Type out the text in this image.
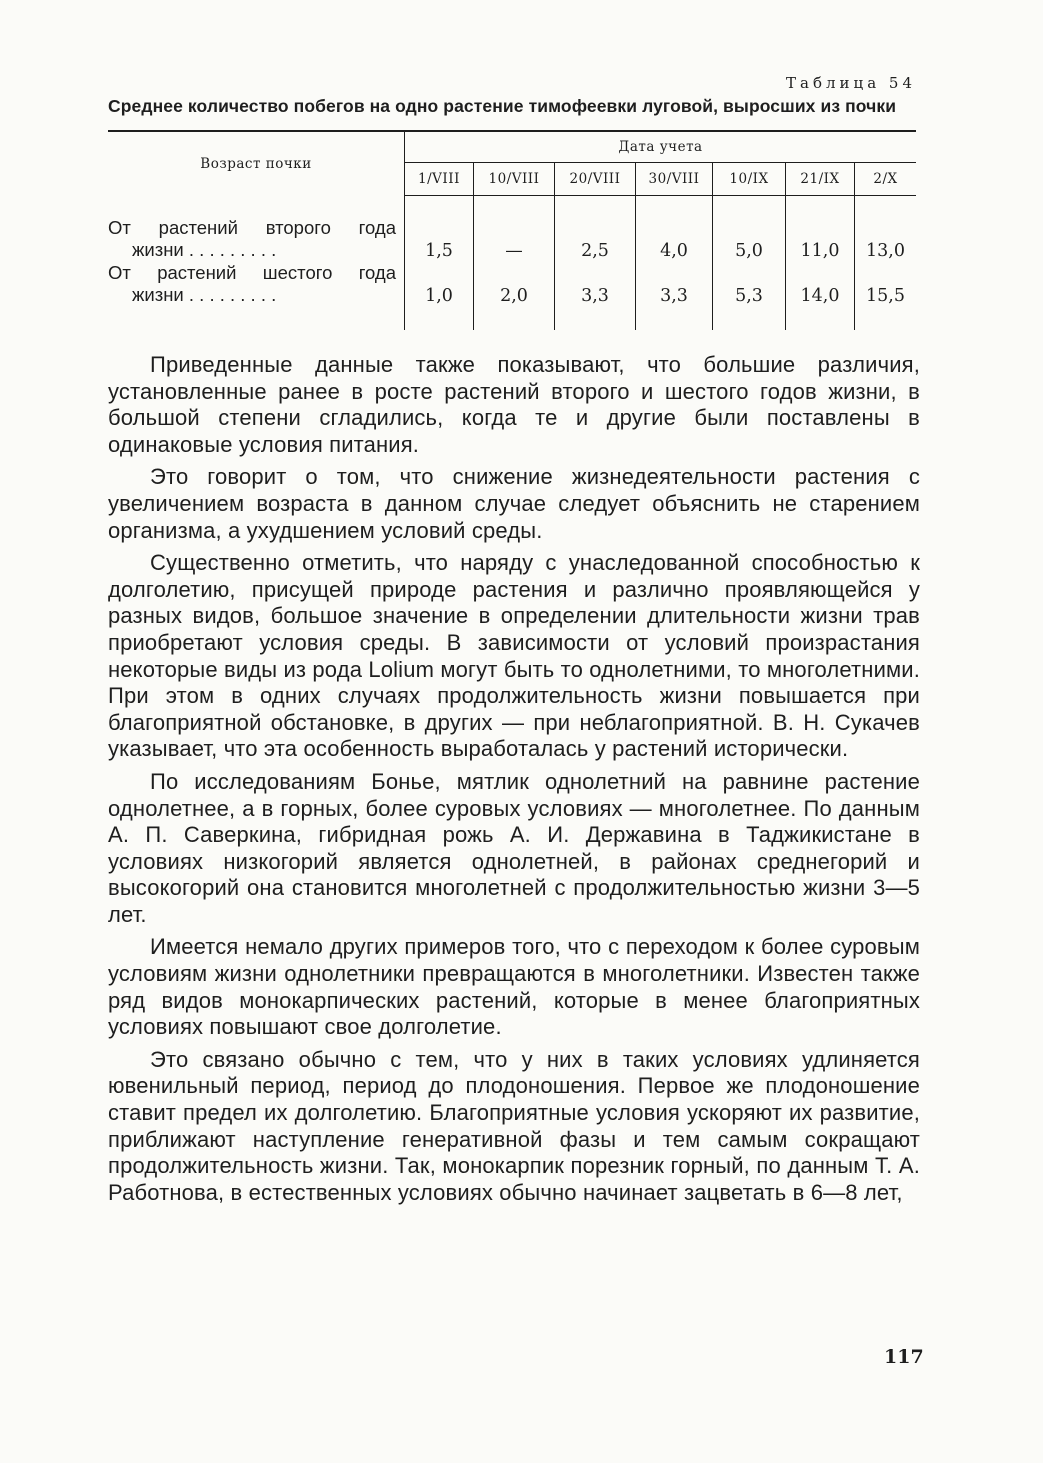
Таблица 54
Среднее количество побегов на одно растение тимофеевки луговой, выросших из почки
Возраст почки	Дата учета						
	1/VIII	10/VIII	20/VIII	30/VIII	10/IX	21/IX	2/X

От растений второго года
жизни . . . . . . . . .	1,5	—	2,5	4,0	5,0	11,0	13,0

От растений шестого года
жизни . . . . . . . . .	1,0	2,0	3,3	3,3	5,3	14,0	15,5

Приведенные данные также показывают, что большие различия, установленные ранее в росте растений второго и шестого годов жизни, в большой степени сгладились, когда те и другие были поставлены в одинаковые условия питания.

Это говорит о том, что снижение жизнедеятельности растения с увеличением возраста в данном случае следует объяснить не старением организма, а ухудшением условий среды.

Существенно отметить, что наряду с унаследованной способностью к долголетию, присущей природе растения и различно проявляющейся у разных видов, большое значение в определении длительности жизни трав приобретают условия среды. В зависимости от условий произрастания некоторые виды из рода Lolium могут быть то однолетними, то многолетними. При этом в одних случаях продолжительность жизни повышается при благоприятной обстановке, в других — при неблагоприятной. В. Н. Сукачев указывает, что эта особенность выработалась у растений исторически.

По исследованиям Бонье, мятлик однолетний на равнине растение однолетнее, а в горных, более суровых условиях — многолетнее. По данным А. П. Саверкина, гибридная рожь А. И. Державина в Таджикистане в условиях низкогорий является однолетней, в районах среднегорий и высокогорий она становится многолетней с продолжительностью жизни 3—5 лет.

Имеется немало других примеров того, что с переходом к более суровым условиям жизни однолетники превращаются в многолетники. Известен также ряд видов монокарпических растений, которые в менее благоприятных условиях повышают свое долголетие.

Это связано обычно с тем, что у них в таких условиях удлиняется ювенильный период, период до плодоношения. Первое же плодоношение ставит предел их долголетию. Благоприятные условия ускоряют их развитие, приближают наступление генеративной фазы и тем самым сокращают продолжительность жизни. Так, монокарпик порезник горный, по данным Т. А. Работнова, в естественных условиях обычно начинает зацветать в 6—8 лет,

117
